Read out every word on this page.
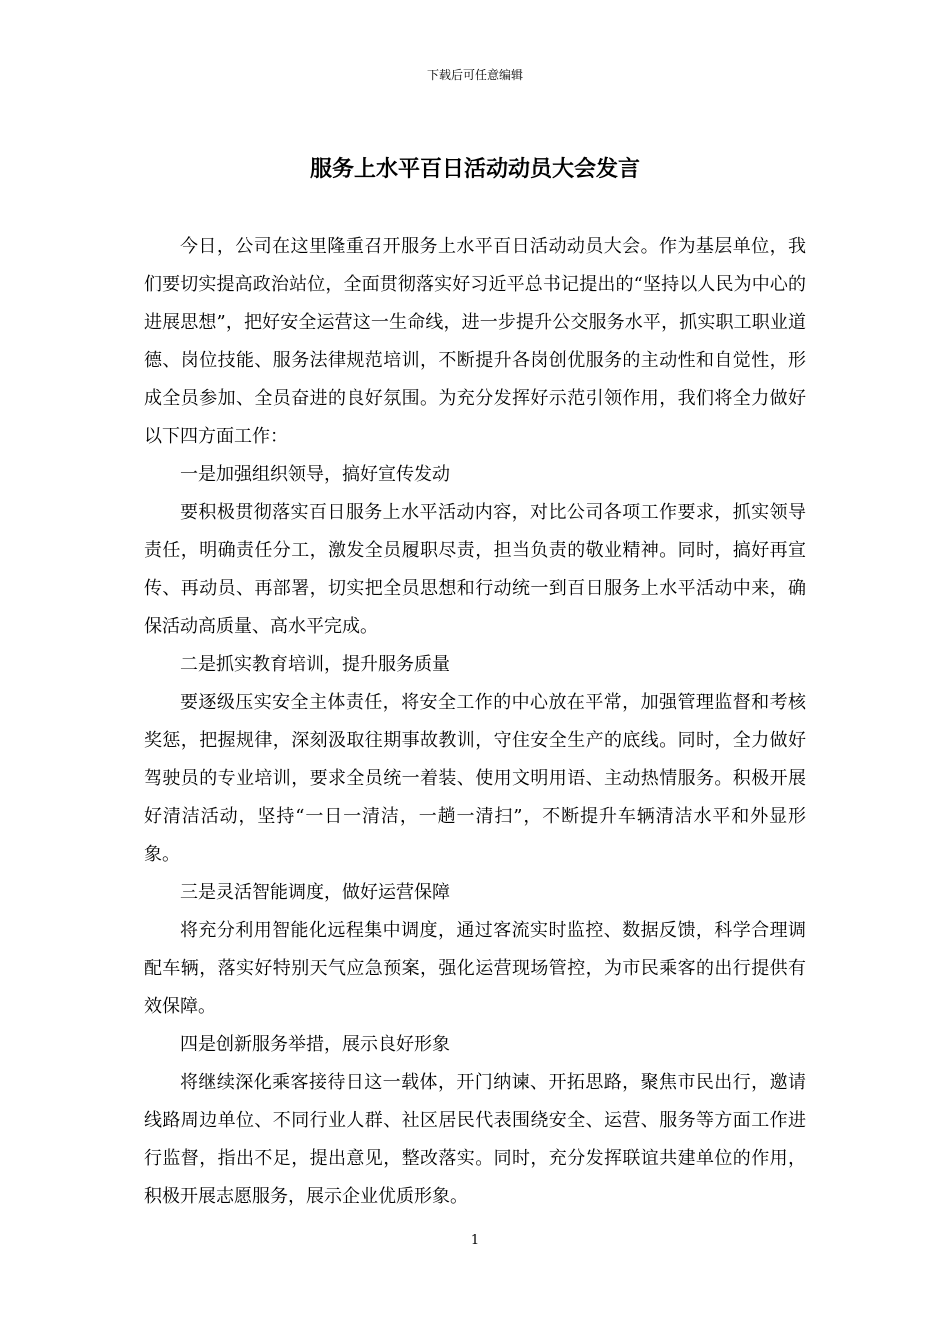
下载后可任意编辑
服务上水平百日活动动员大会发言

今日，公司在这里隆重召开服务上水平百日活动动员大会。作为基层单位，我们要切实提高政治站位，全面贯彻落实好习近平总书记提出的“坚持以人民为中心的进展思想”，把好安全运营这一生命线，进一步提升公交服务水平，抓实职工职业道德、岗位技能、服务法律规范培训，不断提升各岗创优服务的主动性和自觉性，形成全员参加、全员奋进的良好氛围。为充分发挥好示范引领作用，我们将全力做好以下四方面工作：

一是加强组织领导，搞好宣传发动

要积极贯彻落实百日服务上水平活动内容，对比公司各项工作要求，抓实领导责任，明确责任分工，激发全员履职尽责，担当负责的敬业精神。同时，搞好再宣传、再动员、再部署，切实把全员思想和行动统一到百日服务上水平活动中来，确保活动高质量、高水平完成。

二是抓实教育培训，提升服务质量

要逐级压实安全主体责任，将安全工作的中心放在平常，加强管理监督和考核奖惩，把握规律，深刻汲取往期事故教训，守住安全生产的底线。同时，全力做好驾驶员的专业培训，要求全员统一着装、使用文明用语、主动热情服务。积极开展好清洁活动，坚持“一日一清洁，一趟一清扫”，不断提升车辆清洁水平和外显形象。

三是灵活智能调度，做好运营保障

将充分利用智能化远程集中调度，通过客流实时监控、数据反馈，科学合理调配车辆，落实好特别天气应急预案，强化运营现场管控，为市民乘客的出行提供有效保障。

四是创新服务举措，展示良好形象

将继续深化乘客接待日这一载体，开门纳谏、开拓思路，聚焦市民出行，邀请线路周边单位、不同行业人群、社区居民代表围绕安全、运营、服务等方面工作进行监督，指出不足，提出意见，整改落实。同时，充分发挥联谊共建单位的作用，积极开展志愿服务，展示企业优质形象。

1
